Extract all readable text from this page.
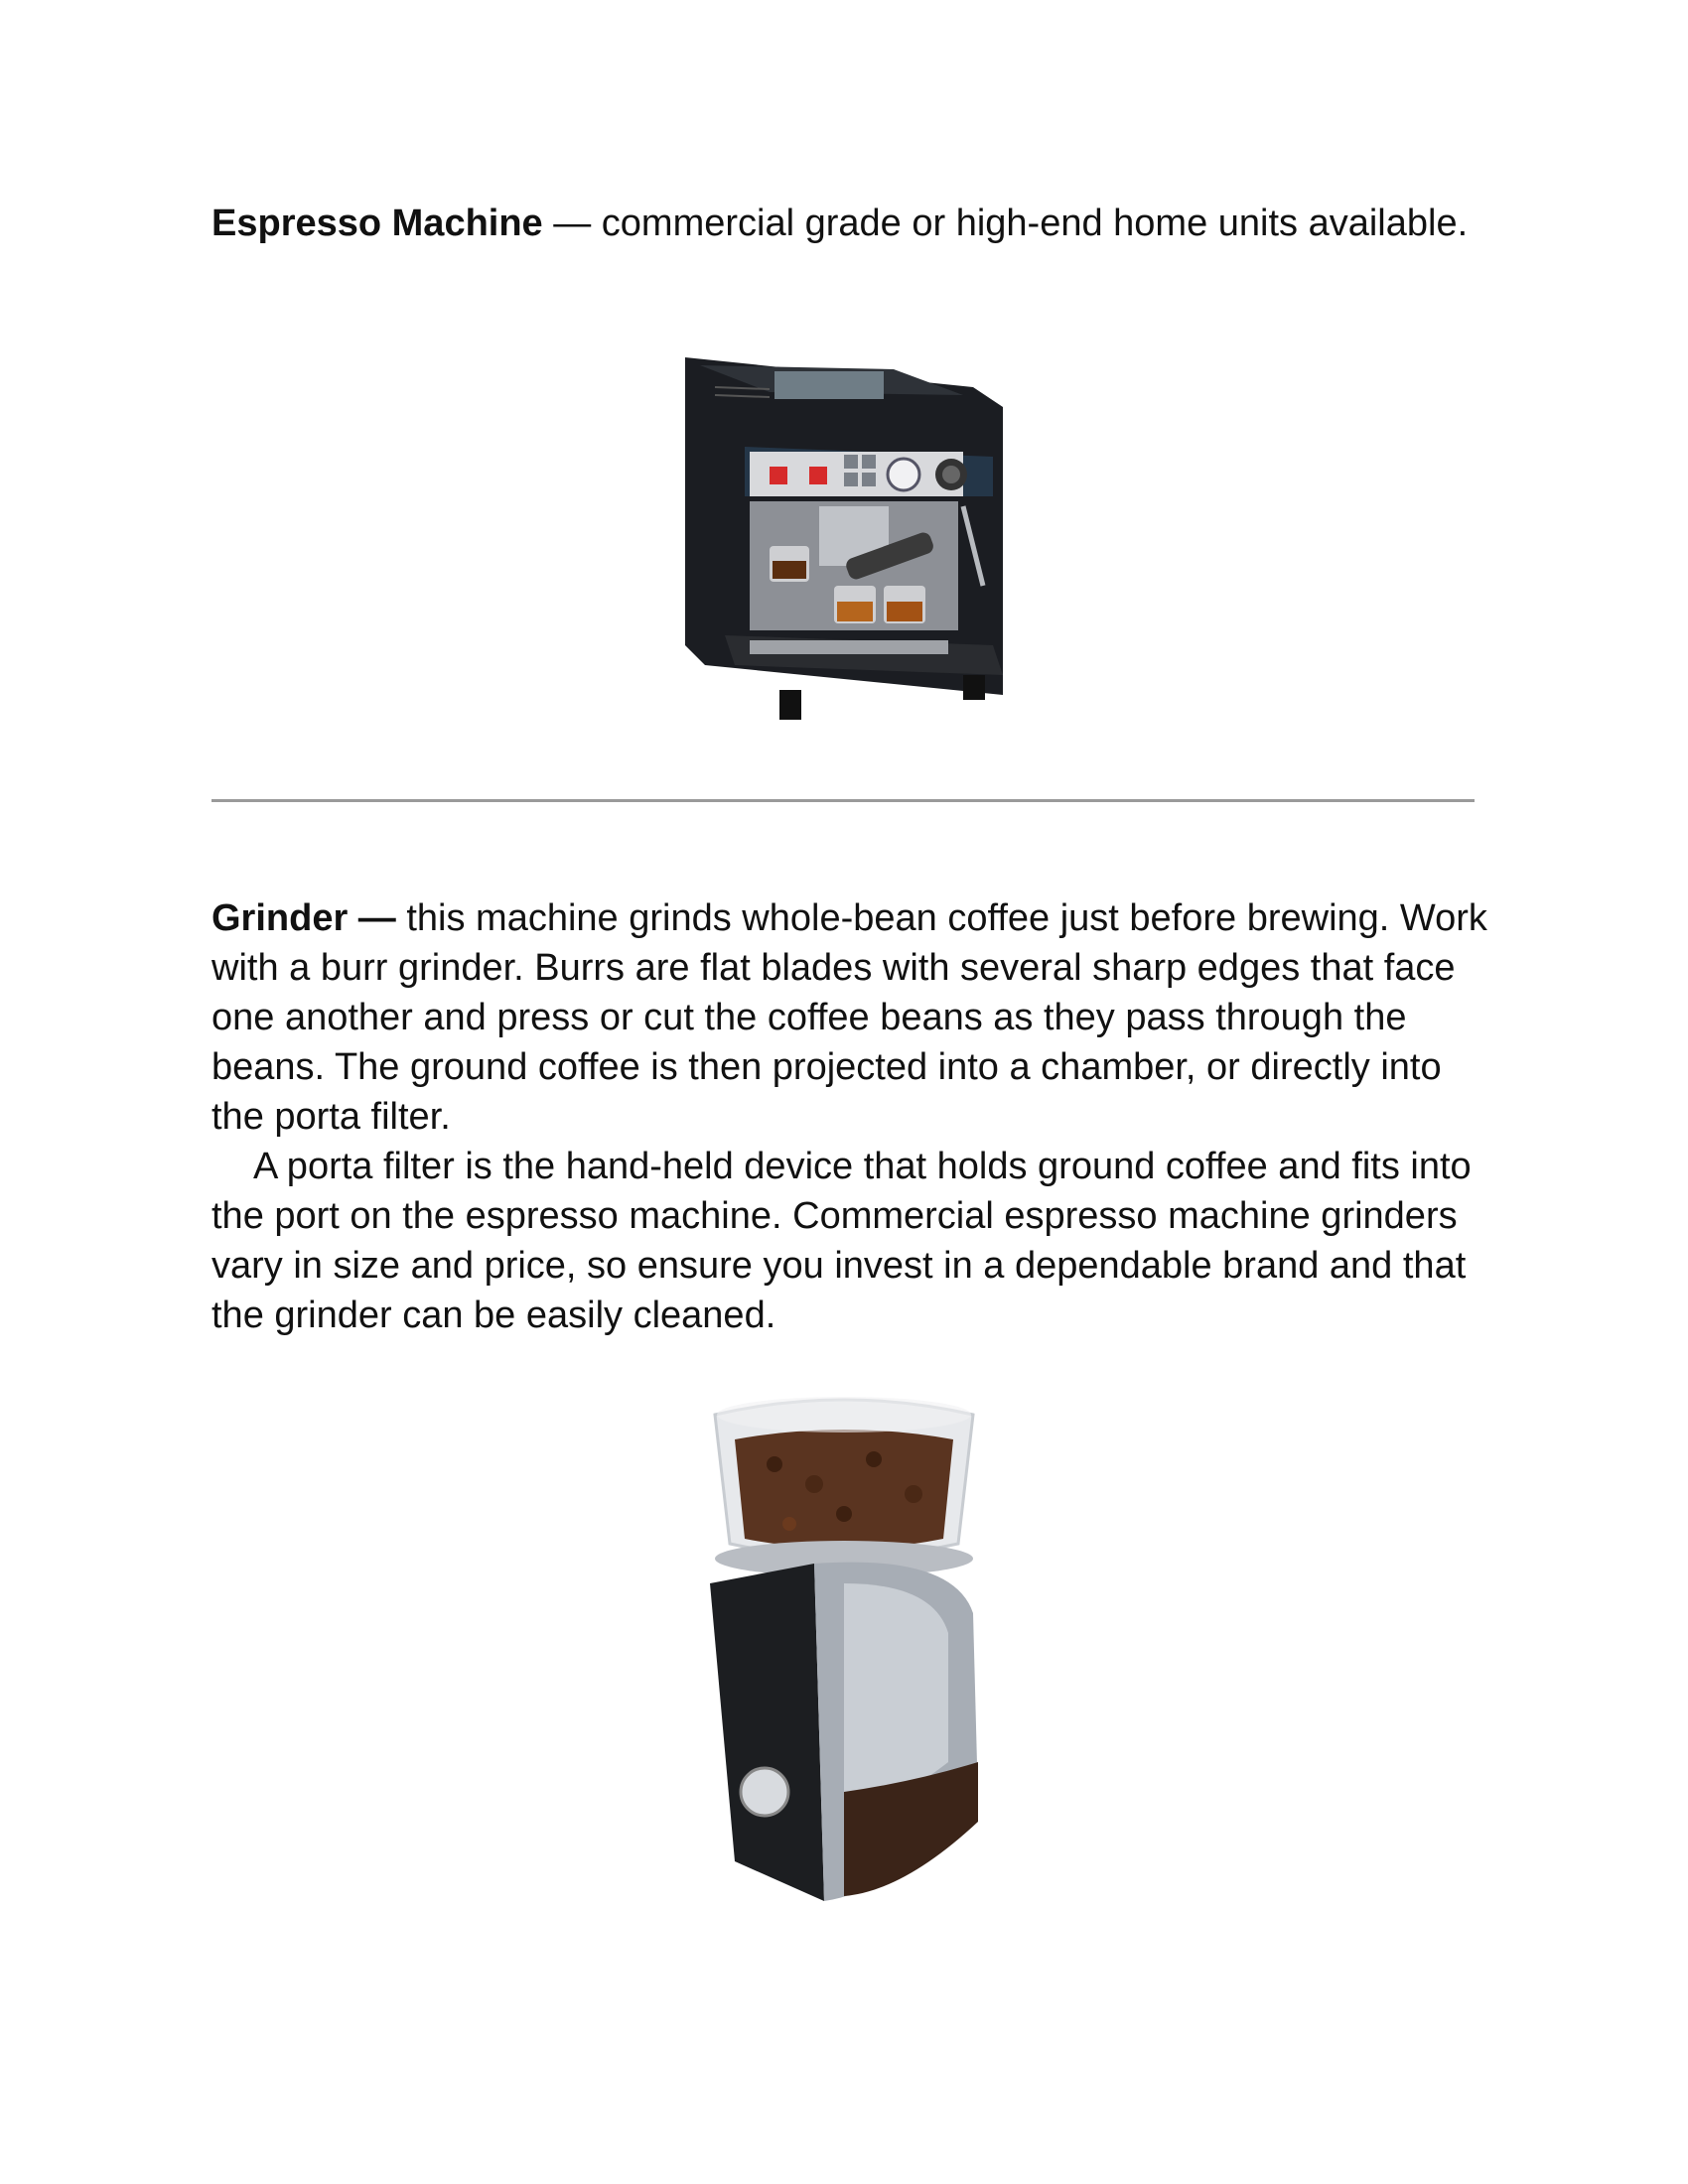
Espresso Machine — commercial grade or high-end home units available.

Grinder — this machine grinds whole-bean coffee just before brewing. Work with a burr grinder. Burrs are flat blades with several sharp edges that face one another and press or cut the coffee beans as they pass through the beans. The ground coffee is then projected into a chamber, or directly into the porta filter.

A porta filter is the hand-held device that holds ground coffee and fits into the port on the espresso machine. Commercial espresso machine grinders vary in size and price, so ensure you invest in a dependable brand and that the grinder can be easily cleaned.
